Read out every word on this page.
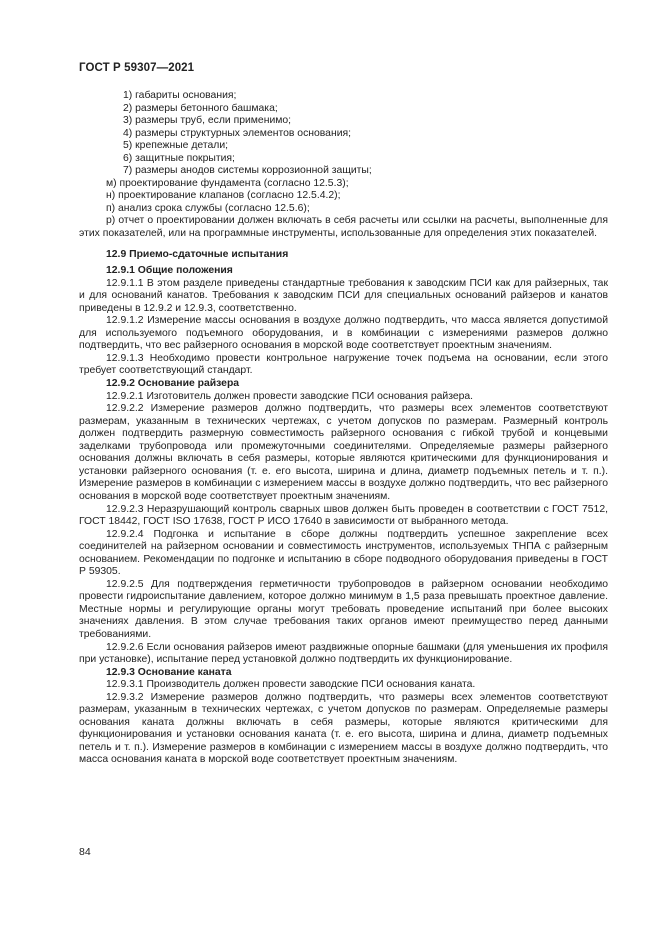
ГОСТ Р 59307—2021

1) габариты основания;

2) размеры бетонного башмака;

3) размеры труб, если применимо;

4) размеры структурных элементов основания;

5) крепежные детали;

6) защитные покрытия;

7) размеры анодов системы коррозионной защиты;

м) проектирование фундамента (согласно 12.5.3);

н) проектирование клапанов (согласно 12.5.4.2);

п) анализ срока службы (согласно 12.5.6);

р) отчет о проектировании должен включать в себя расчеты или ссылки на расчеты, выполненные для этих показателей, или на программные инструменты, использованные для определения этих показателей.

12.9 Приемо-сдаточные испытания

12.9.1 Общие положения

12.9.1.1 В этом разделе приведены стандартные требования к заводским ПСИ как для райзерных, так и для оснований канатов. Требования к заводским ПСИ для специальных оснований райзеров и канатов приведены в 12.9.2 и 12.9.3, соответственно.

12.9.1.2 Измерение массы основания в воздухе должно подтвердить, что масса является допустимой для используемого подъемного оборудования, и в комбинации с измерениями размеров должно подтвердить, что вес райзерного основания в морской воде соответствует проектным значениям.

12.9.1.3 Необходимо провести контрольное нагружение точек подъема на основании, если этого требует соответствующий стандарт.

12.9.2 Основание райзера

12.9.2.1 Изготовитель должен провести заводские ПСИ основания райзера.

12.9.2.2 Измерение размеров должно подтвердить, что размеры всех элементов соответствуют размерам, указанным в технических чертежах, с учетом допусков по размерам. Размерный контроль должен подтвердить размерную совместимость райзерного основания с гибкой трубой и концевыми заделками трубопровода или промежуточными соединителями. Определяемые размеры райзерного основания должны включать в себя размеры, которые являются критическими для функционирования и установки райзерного основания (т. е. его высота, ширина и длина, диаметр подъемных петель и т. п.). Измерение размеров в комбинации с измерением массы в воздухе должно подтвердить, что вес райзерного основания в морской воде соответствует проектным значениям.

12.9.2.3 Неразрушающий контроль сварных швов должен быть проведен в соответствии с ГОСТ 7512, ГОСТ 18442, ГОСТ ISO 17638, ГОСТ Р ИСО 17640 в зависимости от выбранного метода.

12.9.2.4 Подгонка и испытание в сборе должны подтвердить успешное закрепление всех соединителей на райзерном основании и совместимость инструментов, используемых ТНПА с райзерным основанием. Рекомендации по подгонке и испытанию в сборе подводного оборудования приведены в ГОСТ Р 59305.

12.9.2.5 Для подтверждения герметичности трубопроводов в райзерном основании необходимо провести гидроиспытание давлением, которое должно минимум в 1,5 раза превышать проектное давление. Местные нормы и регулирующие органы могут требовать проведение испытаний при более высоких значениях давления. В этом случае требования таких органов имеют преимущество перед данными требованиями.

12.9.2.6 Если основания райзеров имеют раздвижные опорные башмаки (для уменьшения их профиля при установке), испытание перед установкой должно подтвердить их функционирование.

12.9.3 Основание каната

12.9.3.1 Производитель должен провести заводские ПСИ основания каната.

12.9.3.2 Измерение размеров должно подтвердить, что размеры всех элементов соответствуют размерам, указанным в технических чертежах, с учетом допусков по размерам. Определяемые размеры основания каната должны включать в себя размеры, которые являются критическими для функционирования и установки основания каната (т. е. его высота, ширина и длина, диаметр подъемных петель и т. п.). Измерение размеров в комбинации с измерением массы в воздухе должно подтвердить, что масса основания каната в морской воде соответствует проектным значениям.

84
